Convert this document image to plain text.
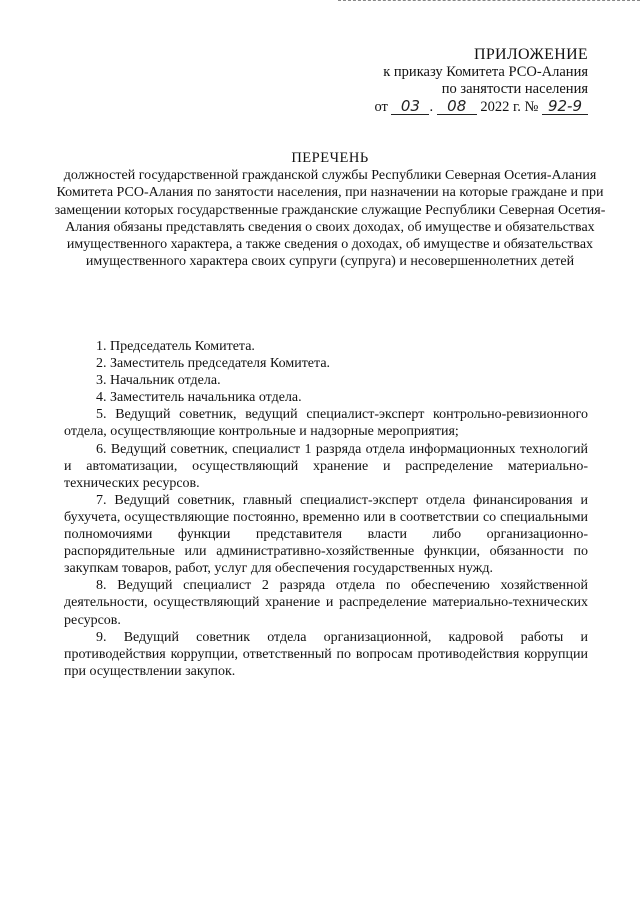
ПРИЛОЖЕНИЕ
к приказу Комитета РСО-Алания
по занятости населения
от 03 . 08 2022 г. № 92-9
ПЕРЕЧЕНЬ
должностей государственной гражданской службы Республики Северная Осетия-Алания Комитета РСО-Алания по занятости населения, при назначении на которые граждане и при замещении которых государственные гражданские служащие Республики Северная Осетия-Алания обязаны представлять сведения о своих доходах, об имуществе и обязательствах имущественного характера, а также сведения о доходах, об имуществе и обязательствах имущественного характера своих супруги (супруга) и несовершеннолетних детей

1. Председатель Комитета.

2. Заместитель председателя Комитета.

3. Начальник отдела.

4. Заместитель начальника отдела.

5. Ведущий советник, ведущий специалист-эксперт контрольно-ревизионного отдела, осуществляющие контрольные и надзорные мероприятия;

6. Ведущий советник, специалист 1 разряда отдела информационных технологий и автоматизации, осуществляющий хранение и распределение материально-технических ресурсов.

7. Ведущий советник, главный специалист-эксперт отдела финансирования и бухучета, осуществляющие постоянно, временно или в соответствии со специальными полномочиями функции представителя власти либо организационно-распорядительные или административно-хозяйственные функции, обязанности по закупкам товаров, работ, услуг для обеспечения государственных нужд.

8. Ведущий специалист 2 разряда отдела по обеспечению хозяйственной деятельности, осуществляющий хранение и распределение материально-технических ресурсов.

9. Ведущий советник отдела организационной, кадровой работы и противодействия коррупции, ответственный по вопросам противодействия коррупции при осуществлении закупок.
